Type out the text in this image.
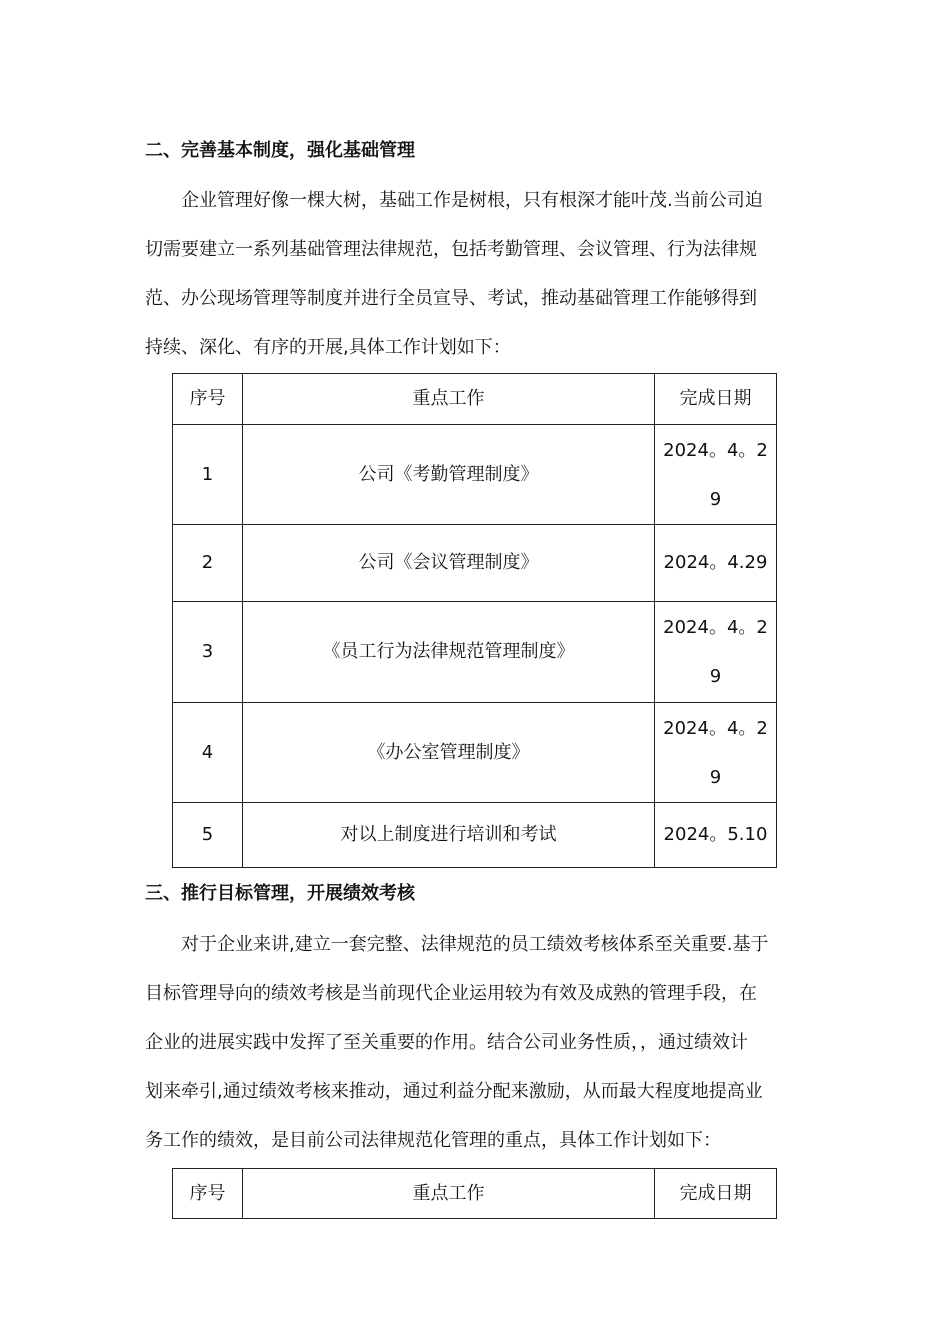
二、完善基本制度，强化基础管理

企业管理好像一棵大树，基础工作是树根，只有根深才能叶茂.当前公司迫

切需要建立一系列基础管理法律规范，包括考勤管理、会议管理、行为法律规

范、办公现场管理等制度并进行全员宣导、考试，推动基础管理工作能够得到

持续、深化、有序的开展,具体工作计划如下：

序号	重点工作	完成日期
1	公司《考勤管理制度》	2024。4。2
9

2	公司《会议管理制度》	2024。4.29
3	《员工行为法律规范管理制度》	2024。4。2
9

4	《办公室管理制度》	2024。4。2
9

5	对以上制度进行培训和考试	2024。5.10
三、推行目标管理，开展绩效考核

对于企业来讲,建立一套完整、法律规范的员工绩效考核体系至关重要.基于

目标管理导向的绩效考核是当前现代企业运用较为有效及成熟的管理手段，在

企业的进展实践中发挥了至关重要的作用。结合公司业务性质，，通过绩效计

划来牵引,通过绩效考核来推动，通过利益分配来激励，从而最大程度地提高业

务工作的绩效，是目前公司法律规范化管理的重点，具体工作计划如下：

序号	重点工作	完成日期
